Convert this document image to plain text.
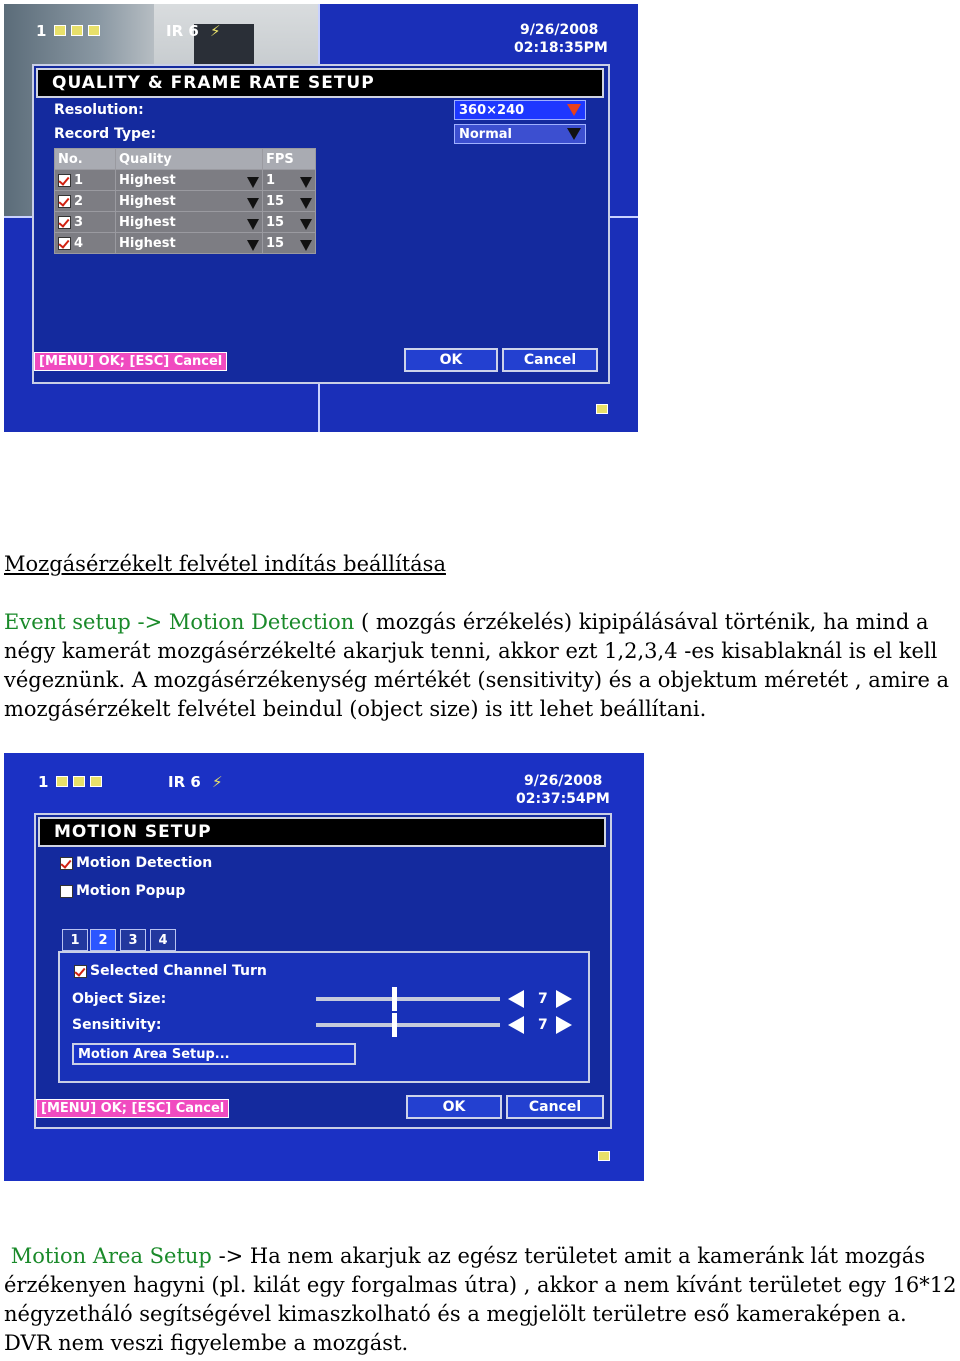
1	IR 6 ⚡	9/26/2008
02:18:35PM
QUALITY & FRAME RATE SETUP
Resolution:	360×240
Record Type:	Normal
No.	Quality	FPS
1	Highest	1

2	Highest	15

3	Highest	15

4	Highest	15
[MENU] OK; [ESC] Cancel	OK	Cancel
Mozgásérzékelt felvétel indítás beállítása
Event setup -> Motion Detection ( mozgás érzékelés) kipipálásával történik, ha mind a négy kamerát mozgásérzékelté akarjuk tenni, akkor ezt 1,2,3,4 -es kisablaknál is el kell végeznünk. A mozgásérzékenység mértékét (sensitivity) és a objektum méretét , amire a mozgásérzékelt felvétel beindul (object size) is itt lehet beállítani.
1	IR 6 ⚡	9/26/2008
02:37:54PM
MOTION SETUP
Motion Detection
Motion Popup
1	2	3	4
Selected Channel Turn
Object Size:	7
Sensitivity:	7
Motion Area Setup...
[MENU] OK; [ESC] Cancel	OK	Cancel
Motion Area Setup -> Ha nem akarjuk az egész területet amit a kameránk lát mozgás érzékenyen hagyni (pl. kilát egy forgalmas útra) , akkor a nem kívánt területet egy 16*12 négyzetháló segítségével kimaszkolható és a megjelölt területre eső kameraképen a. DVR nem veszi figyelembe a mozgást.
